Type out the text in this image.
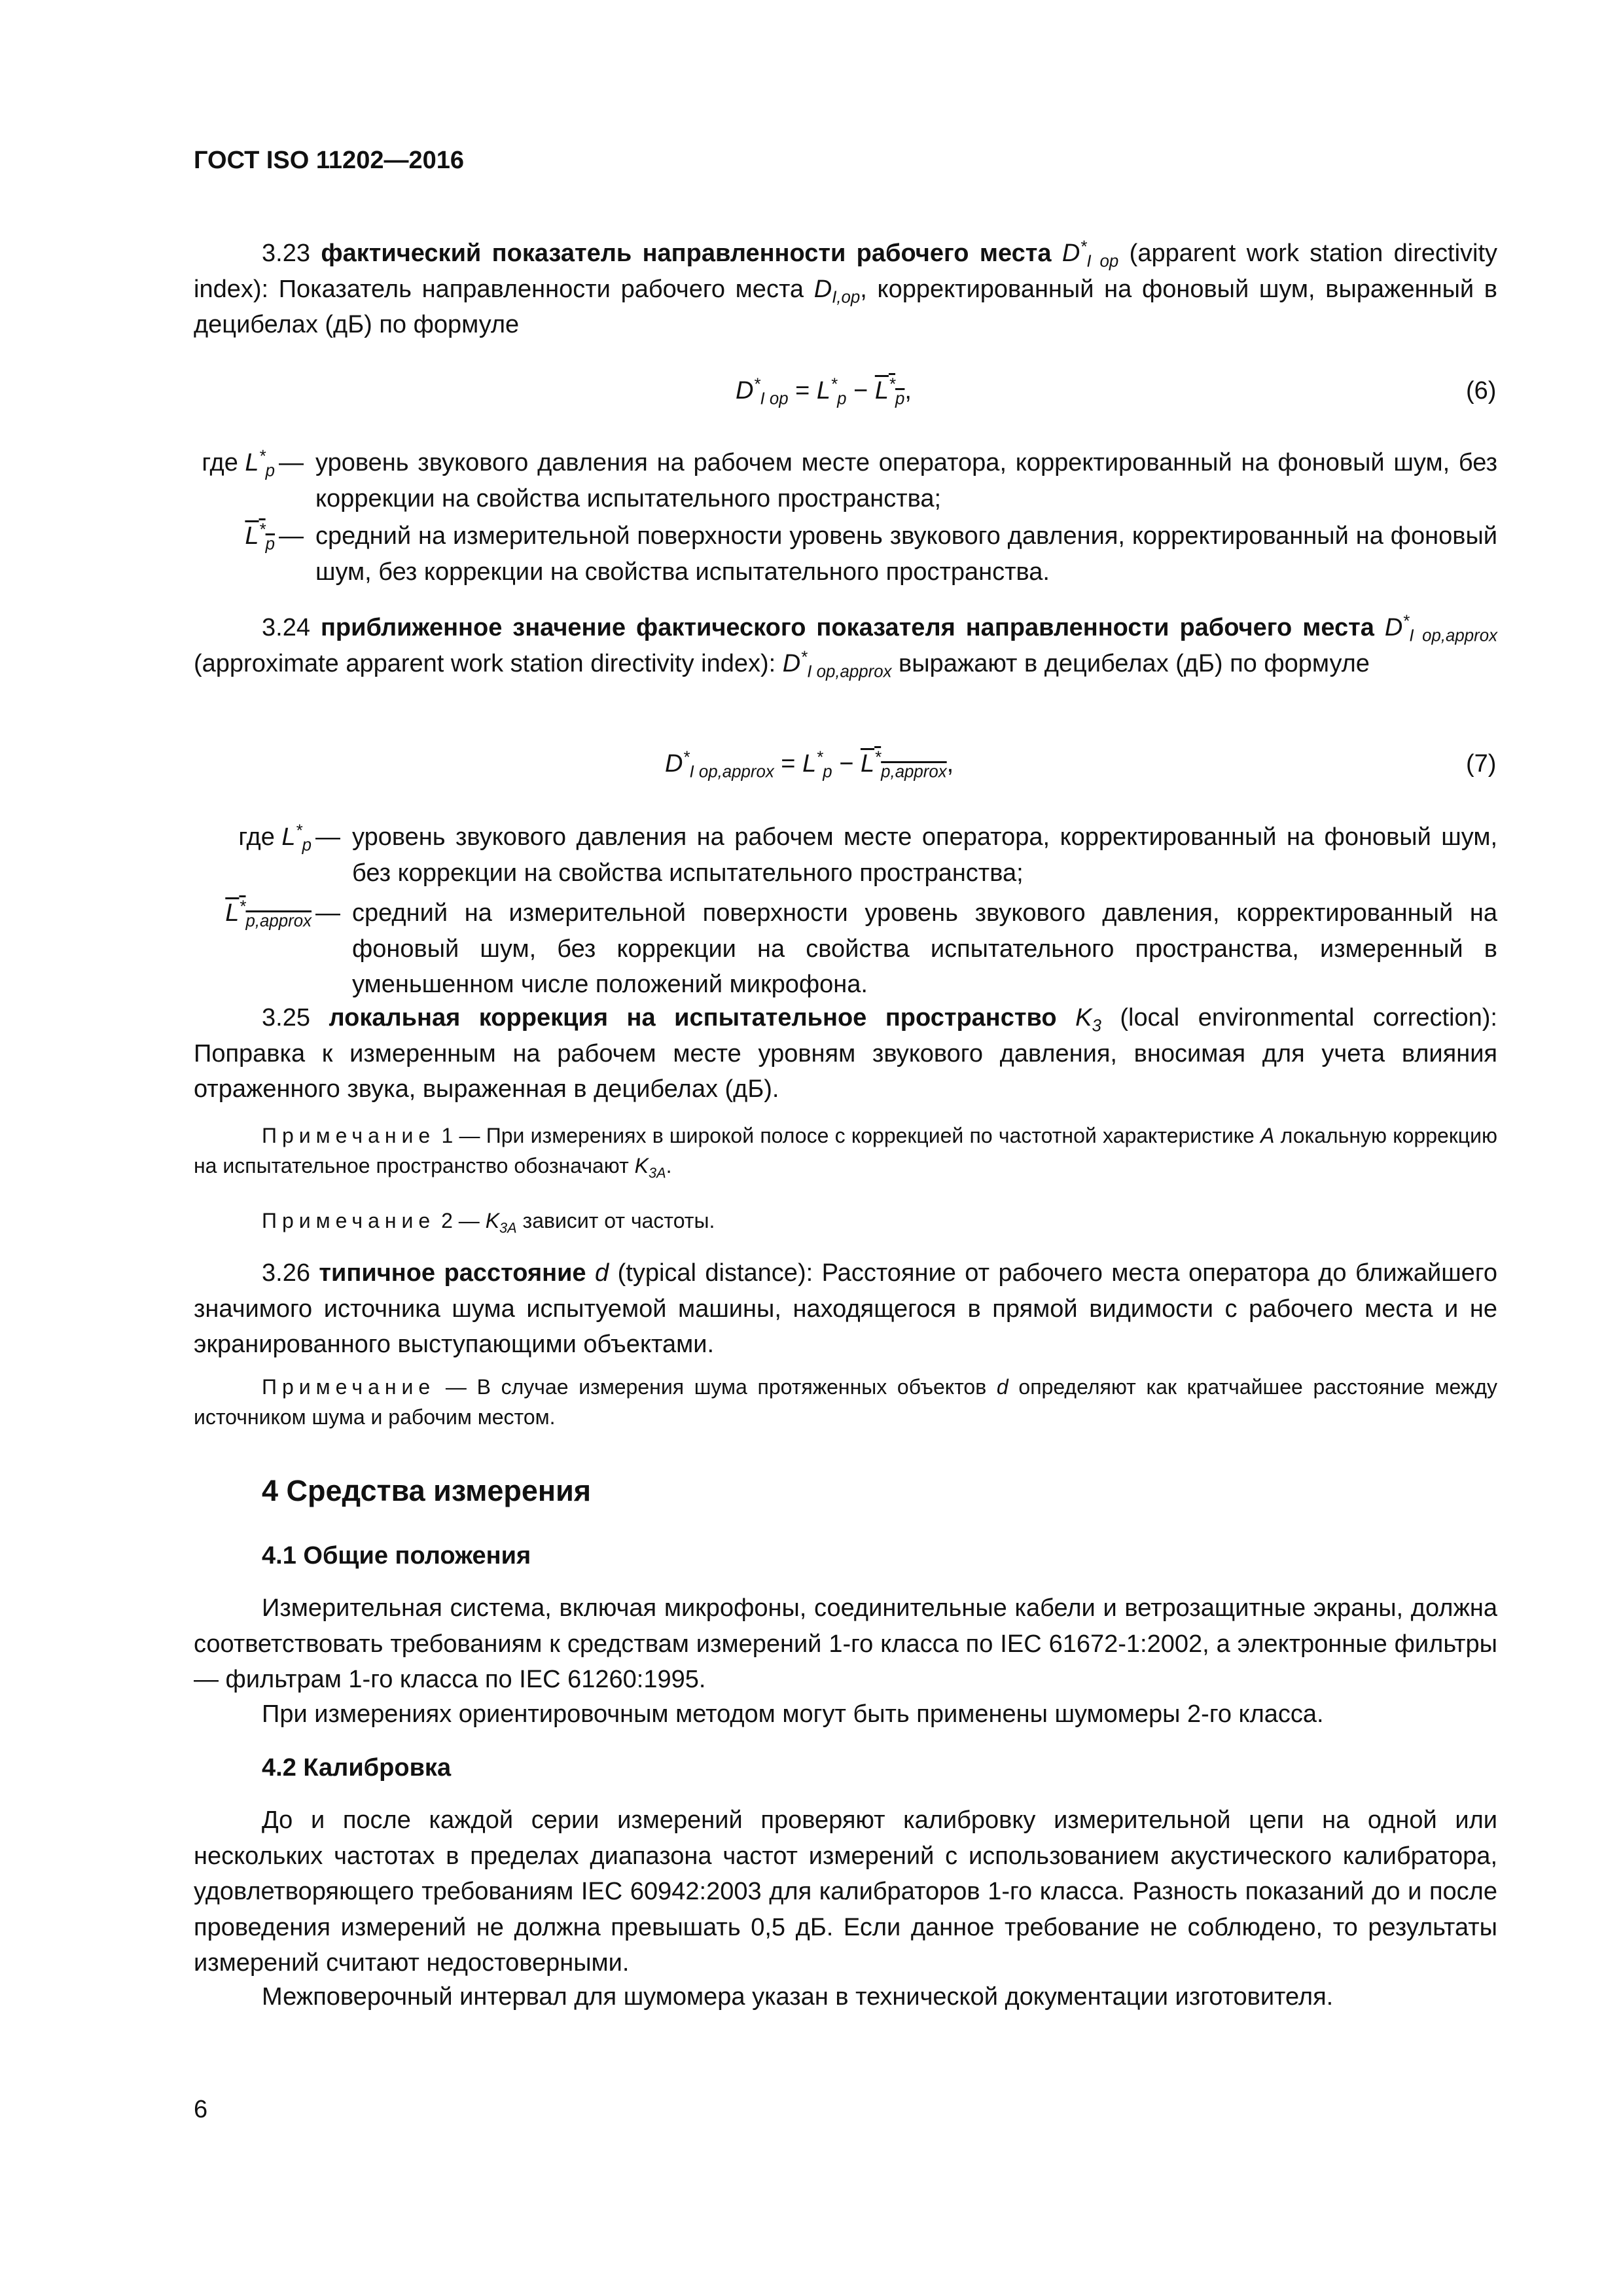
ГОСТ ISO 11202—2016
3.23 фактический показатель направленности рабочего места $D^*_{I op}$ (apparent work station directivity index): Показатель направленности рабочего места $D_{I,op}$, корректированный на фоновый шум, выраженный в децибелах (дБ) по формуле
$D^*_{I op} = L^*_p - L^*_p$,	(6)
где $L^*_p$ — уровень звукового давления на рабочем месте оператора, корректированный на фоновый шум, без коррекции на свойства испытательного пространства;
$L^*_p$ — средний на измерительной поверхности уровень звукового давления, корректированный на фоновый шум, без коррекции на свойства испытательного пространства.
3.24 приближенное значение фактического показателя направленности рабочего места $D^*_{I op,approx}$ (approximate apparent work station directivity index): $D^*_{I op,approx}$ выражают в децибелах (дБ) по формуле
$D^*_{I op,approx} = L^*_p - L^*_{p,approx}$,	(7)
где $L^*_p$ — уровень звукового давления на рабочем месте оператора, корректированный на фоновый шум, без коррекции на свойства испытательного пространства;
$L^*_{p,approx}$ — средний на измерительной поверхности уровень звукового давления, корректированный на фоновый шум, без коррекции на свойства испытательного пространства, измеренный в уменьшенном числе положений микрофона.
3.25 локальная коррекция на испытательное пространство $K_3$ (local environmental correction): Поправка к измеренным на рабочем месте уровням звукового давления, вносимая для учета влияния отраженного звука, выраженная в децибелах (дБ).
Примечание 1 — При измерениях в широкой полосе с коррекцией по частотной характеристике A локальную коррекцию на испытательное пространство обозначают $K_{3A}$.
Примечание 2 — $K_{3A}$ зависит от частоты.
3.26 типичное расстояние d (typical distance): Расстояние от рабочего места оператора до ближайшего значимого источника шума испытуемой машины, находящегося в прямой видимости с рабочего места и не экранированного выступающими объектами.
Примечание — В случае измерения шума протяженных объектов d определяют как кратчайшее расстояние между источником шума и рабочим местом.
4 Средства измерения
4.1 Общие положения
Измерительная система, включая микрофоны, соединительные кабели и ветрозащитные экраны, должна соответствовать требованиям к средствам измерений 1-го класса по IEC 61672-1:2002, а электронные фильтры — фильтрам 1-го класса по IEC 61260:1995.
При измерениях ориентировочным методом могут быть применены шумомеры 2-го класса.
4.2 Калибровка
До и после каждой серии измерений проверяют калибровку измерительной цепи на одной или нескольких частотах в пределах диапазона частот измерений с использованием акустического калибратора, удовлетворяющего требованиям IEC 60942:2003 для калибраторов 1-го класса. Разность показаний до и после проведения измерений не должна превышать 0,5 дБ. Если данное требование не соблюдено, то результаты измерений считают недостоверными.
Межповерочный интервал для шумомера указан в технической документации изготовителя.
6
